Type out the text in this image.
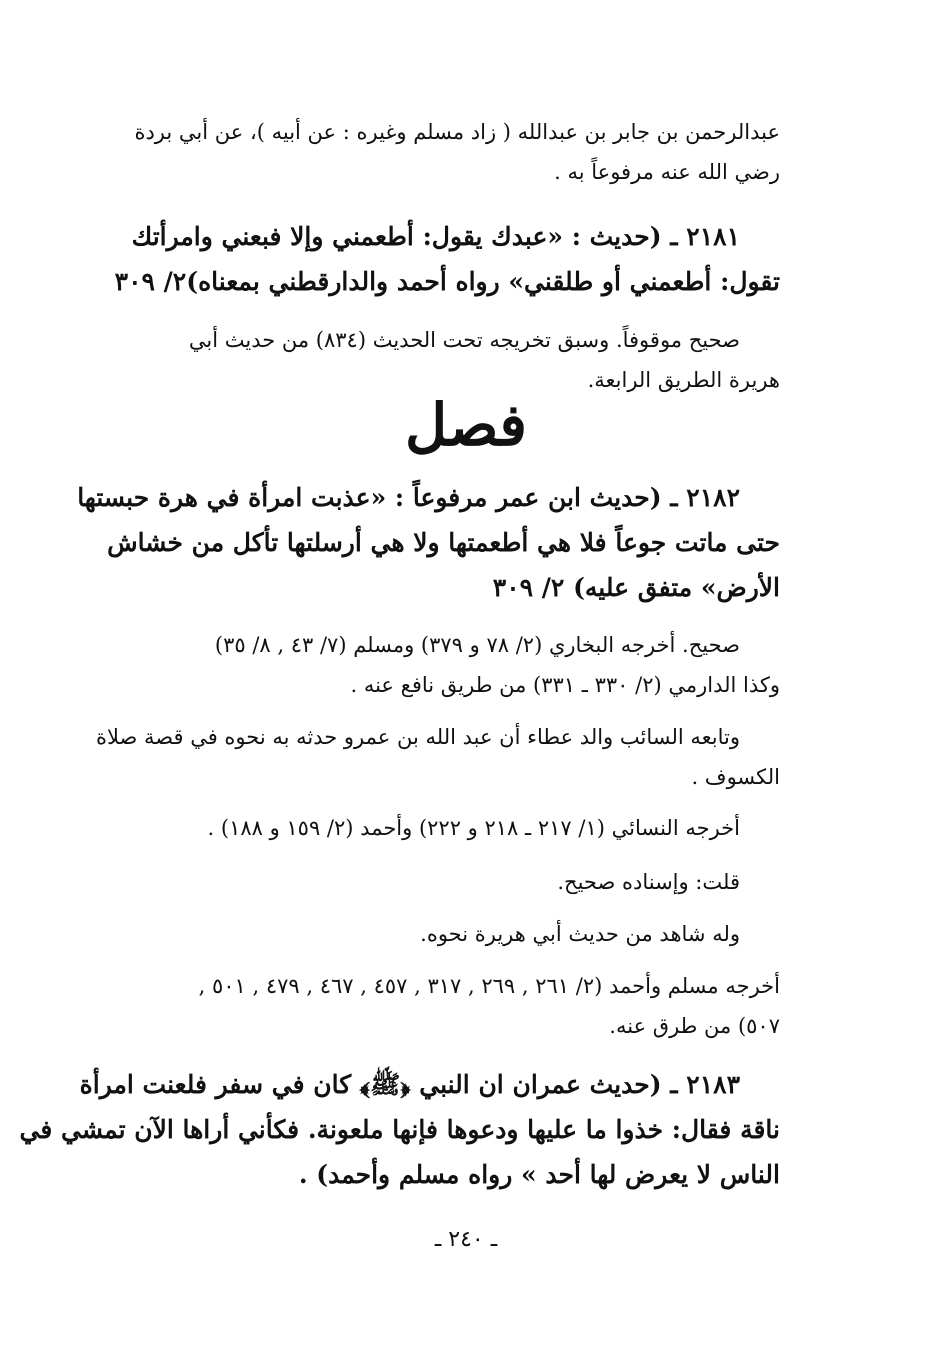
عبدالرحمن بن جابر بن عبدالله ( زاد مسلم وغيره : عن أبيه )، عن أبي بردة
رضي الله عنه مرفوعاً به .

٢١٨١ ـ (حديث : «عبدك يقول: أطعمني وإلا فبعني وامرأتك
تقول: أطعمني أو طلقني» رواه أحمد والدارقطني بمعناه)٢/ ٣٠٩

صحيح موقوفاً. وسبق تخريجه تحت الحديث (٨٣٤) من حديث أبي
هريرة الطريق الرابعة.

فصل

٢١٨٢ ـ (حديث ابن عمر مرفوعاً : «عذبت امرأة في هرة حبستها
حتى ماتت جوعاً فلا هي أطعمتها ولا هي أرسلتها تأكل من خشاش
الأرض» متفق عليه) ٢/ ٣٠٩

صحيح. أخرجه البخاري (٢/ ٧٨ و ٣٧٩) ومسلم (٧/ ٤٣ , ٨/ ٣٥)
وكذا الدارمي (٢/ ٣٣٠ ـ ٣٣١) من طريق نافع عنه .

وتابعه السائب والد عطاء أن عبد الله بن عمرو حدثه به نحوه في قصة صلاة
الكسوف .

أخرجه النسائي (١/ ٢١٧ ـ ٢١٨ و ٢٢٢) وأحمد (٢/ ١٥٩ و ١٨٨) .

قلت: وإسناده صحيح.

وله شاهد من حديث أبي هريرة نحوه.

أخرجه مسلم وأحمد (٢/ ٢٦١ , ٢٦٩ , ٣١٧ , ٤٥٧ , ٤٦٧ , ٤٧٩ , ٥٠١ ,
٥٠٧) من طرق عنه.

٢١٨٣ ـ (حديث عمران ان النبي ﴿ﷺ﴾ كان في سفر فلعنت امرأة
ناقة فقال: خذوا ما عليها ودعوها فإنها ملعونة. فكأني أراها الآن تمشي في
الناس لا يعرض لها أحد » رواه مسلم وأحمد) .

ـ ٢٤٠ ـ
